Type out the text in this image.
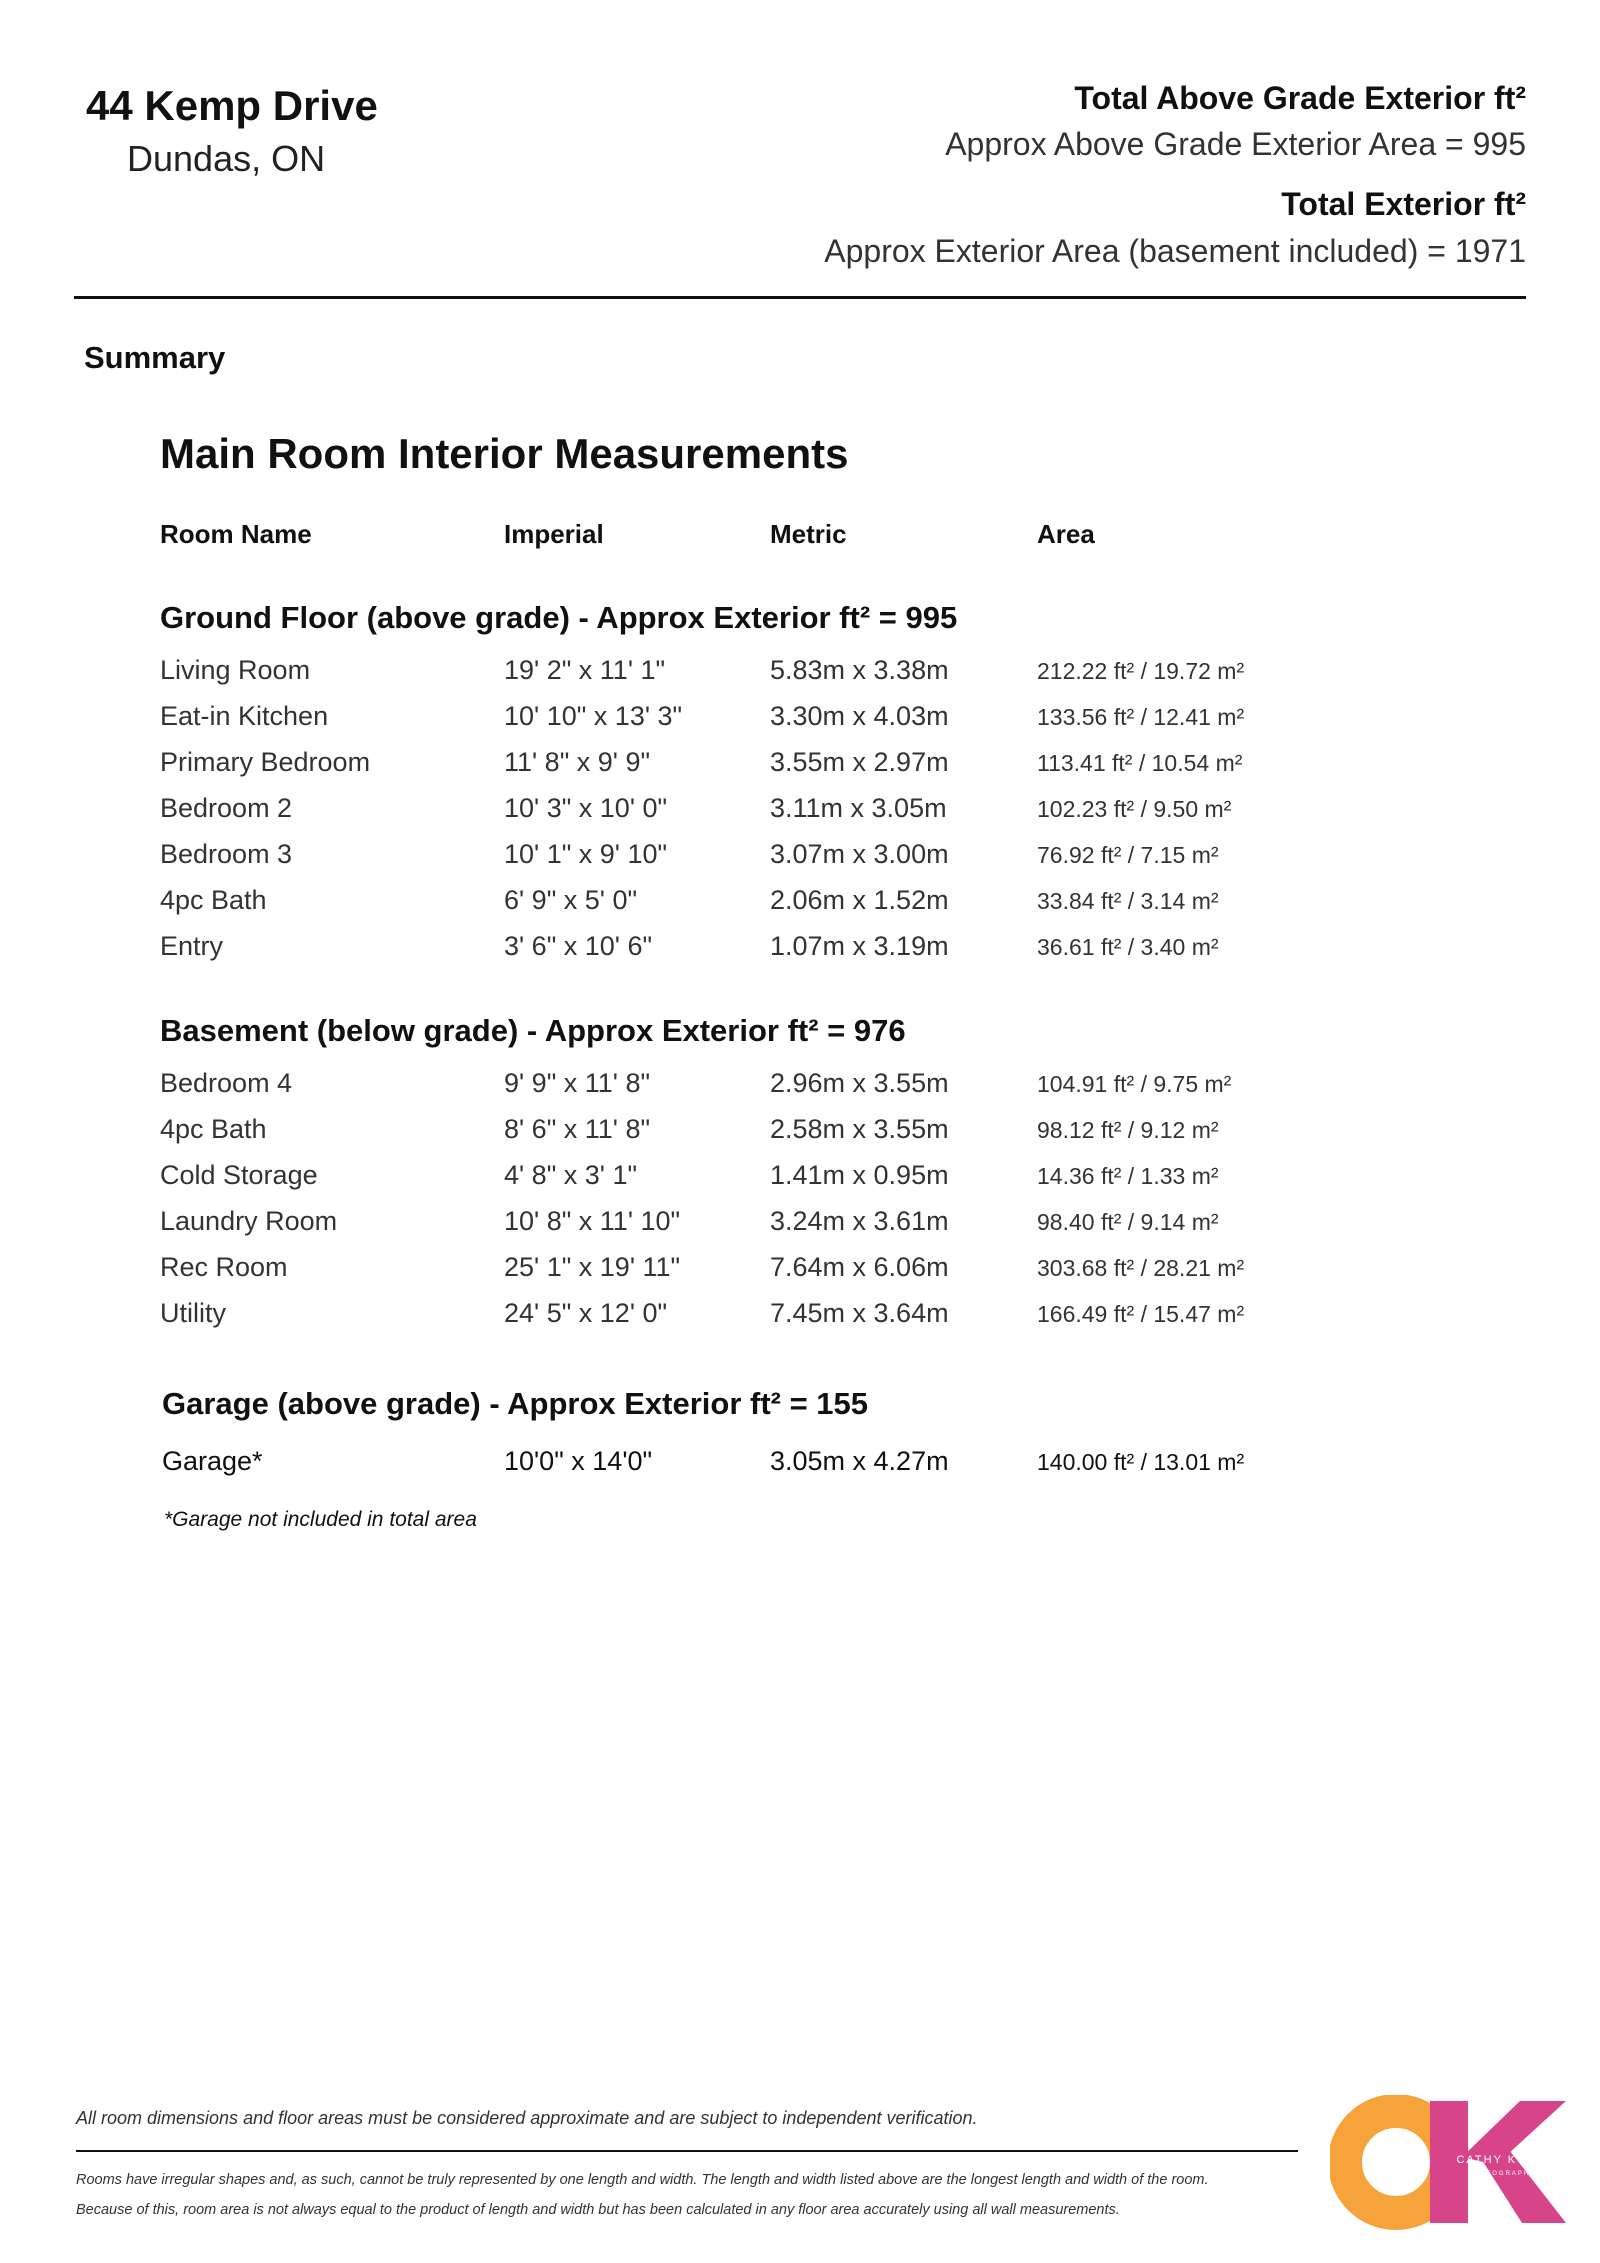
44 Kemp Drive
Dundas, ON
Total Above Grade Exterior ft²
Approx Above Grade Exterior Area = 995
Total Exterior ft²
Approx Exterior Area (basement included) = 1971
Summary
Main Room Interior Measurements
Room Name	Imperial	Metric	Area
Ground Floor (above grade) - Approx Exterior ft² = 995
Living Room	19' 2" x 11' 1"	5.83m x 3.38m	212.22 ft² / 19.72 m²
Eat-in Kitchen	10' 10" x 13' 3"	3.30m x 4.03m	133.56 ft² / 12.41 m²
Primary Bedroom	11' 8" x 9' 9"	3.55m x 2.97m	113.41 ft² / 10.54 m²
Bedroom 2	10' 3" x 10' 0"	3.11m x 3.05m	102.23 ft² / 9.50 m²
Bedroom 3	10' 1" x 9' 10"	3.07m x 3.00m	76.92 ft² / 7.15 m²
4pc Bath	6' 9" x 5' 0"	2.06m x 1.52m	33.84 ft² / 3.14 m²
Entry	3' 6" x 10' 6"	1.07m x 3.19m	36.61 ft² / 3.40 m²
Basement (below grade) - Approx Exterior ft² = 976
Bedroom 4	9' 9" x 11' 8"	2.96m x 3.55m	104.91 ft² / 9.75 m²
4pc Bath	8' 6" x 11' 8"	2.58m x 3.55m	98.12 ft² / 9.12 m²
Cold Storage	4' 8" x 3' 1"	1.41m x 0.95m	14.36 ft² / 1.33 m²
Laundry Room	10' 8" x 11' 10"	3.24m x 3.61m	98.40 ft² / 9.14 m²
Rec Room	25' 1" x 19' 11"	7.64m x 6.06m	303.68 ft² / 28.21 m²
Utility	24' 5" x 12' 0"	7.45m x 3.64m	166.49 ft² / 15.47 m²
Garage (above grade) - Approx Exterior ft² = 155
Garage*	10'0" x 14'0"	3.05m x 4.27m	140.00 ft² / 13.01 m²
*Garage not included in total area
All room dimensions and floor areas must be considered approximate and are subject to independent verification.
Rooms have irregular shapes and, as such, cannot be truly represented by one length and width. The length and width listed above are the longest length and width of the room.
Because of this, room area is not always equal to the product of length and width but has been calculated in any floor area accurately using all wall measurements.
CATHY KOOP
PHOTOGRAPHY
